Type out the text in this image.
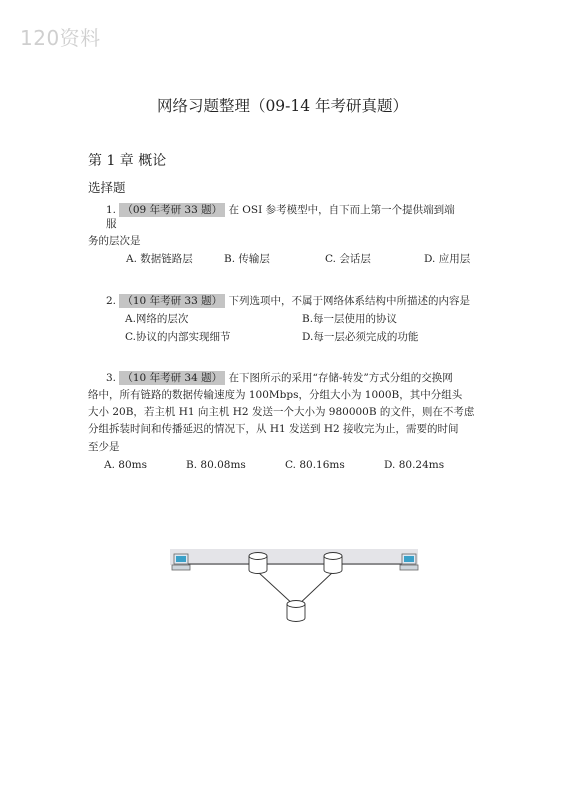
120资料
网络习题整理（09-14 年考研真题）
第 1 章 概论
选择题
1. （09 年考研 33 题） 在 OSI 参考模型中，自下而上第一个提供端到端
服
务的层次是
A. 数据链路层	B. 传输层	C. 会话层	D. 应用层
2. （10 年考研 33 题） 下列选项中，不属于网络体系结构中所描述的内容是
A.网络的层次	B.每一层使用的协议
C.协议的内部实现细节	D.每一层必须完成的功能
3. （10 年考研 34 题） 在下图所示的采用“存储-转发”方式分组的交换网
络中，所有链路的数据传输速度为 100Mbps，分组大小为 1000B，其中分组头
大小 20B，若主机 H1 向主机 H2 发送一个大小为 980000B 的文件，则在不考虑
分组拆装时间和传播延迟的情况下，从 H1 发送到 H2 接收完为止，需要的时间
至少是
A. 80ms	B. 80.08ms	C. 80.16ms	D. 80.24ms
